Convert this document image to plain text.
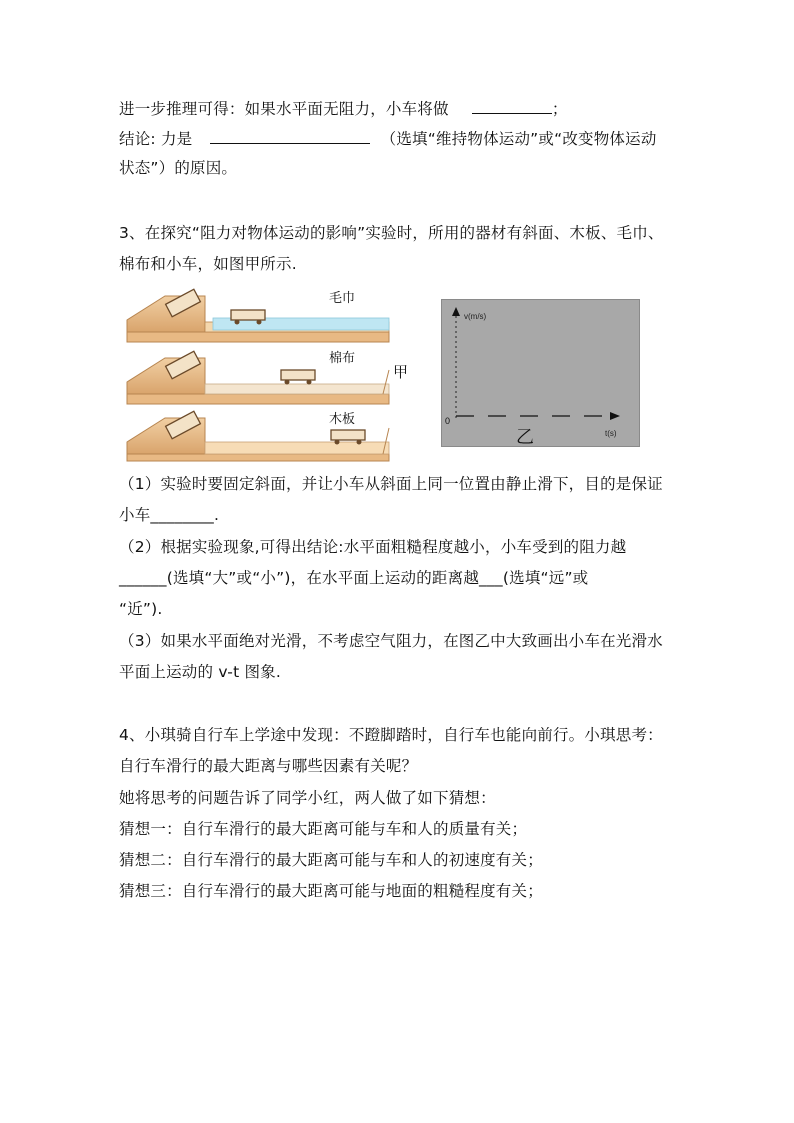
进一步推理可得：如果水平面无阻力，小车将做	；
结论: 力是	（选填“维持物体运动”或“改变物体运动
状态”）的原因。
3、在探究“阻力对物体运动的影响”实验时，所用的器材有斜面、木板、毛巾、
棉布和小车，如图甲所示.
毛巾
棉布
木板
甲
v(m/s)
t(s)
0
乙
（1）实验时要固定斜面，并让小车从斜面上同一位置由静止滑下，目的是保证
小车________.
（2）根据实验现象,可得出结论:水平面粗糙程度越小，小车受到的阻力越
______(选填“大”或“小”)，在水平面上运动的距离越___(选填“远”或
“近”).
（3）如果水平面绝对光滑，不考虑空气阻力，在图乙中大致画出小车在光滑水
平面上运动的 v-t 图象.
4、小琪骑自行车上学途中发现：不蹬脚踏时，自行车也能向前行。小琪思考：
自行车滑行的最大距离与哪些因素有关呢？
她将思考的问题告诉了同学小红，两人做了如下猜想：
猜想一：自行车滑行的最大距离可能与车和人的质量有关；
猜想二：自行车滑行的最大距离可能与车和人的初速度有关；
猜想三：自行车滑行的最大距离可能与地面的粗糙程度有关；
